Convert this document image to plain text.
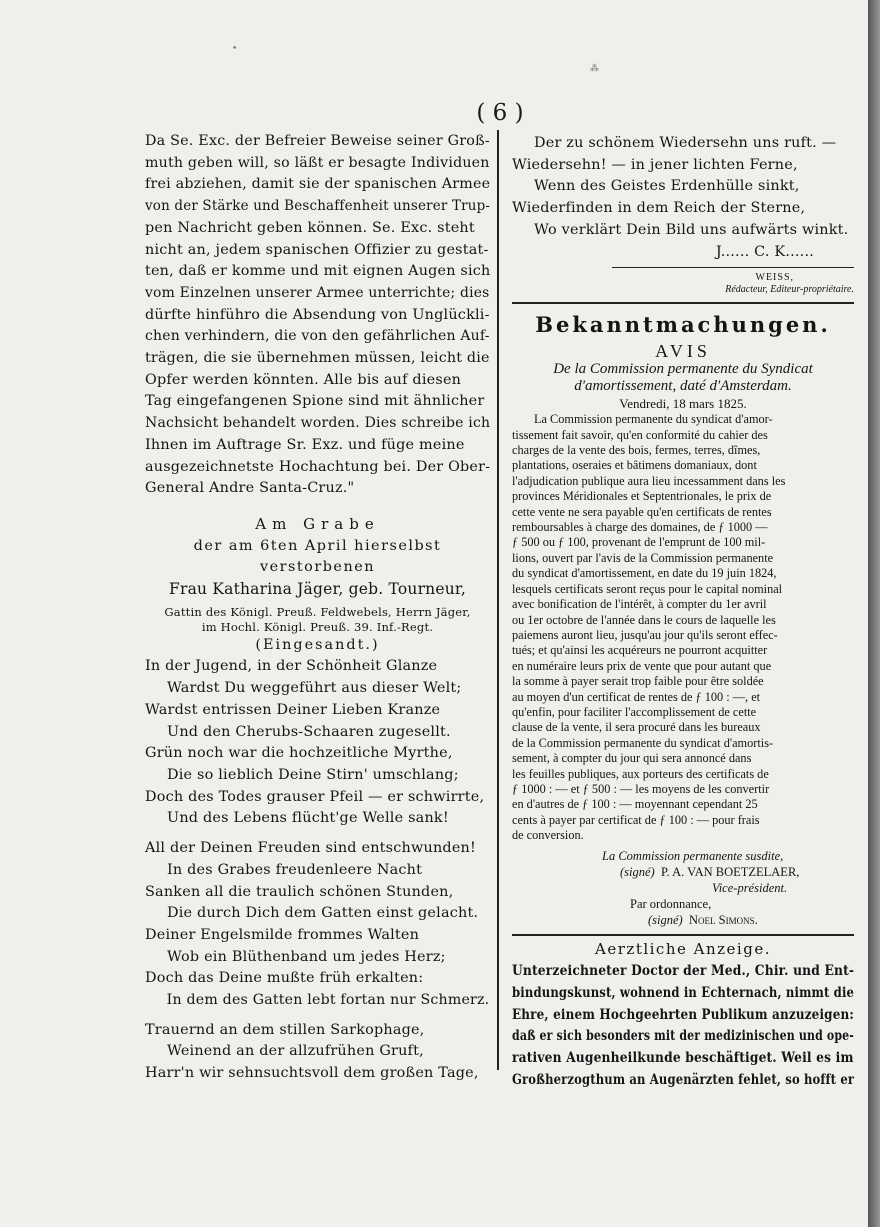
•
⁂
( 6 )
Da Se. Exc. der Befreier Beweise seiner Groß-
muth geben will, so läßt er besagte Individuen
frei abziehen, damit sie der spanischen Armee
von der Stärke und Beschaffenheit unserer Trup-
pen Nachricht geben können. Se. Exc. steht
nicht an, jedem spanischen Offizier zu gestat-
ten, daß er komme und mit eignen Augen sich
vom Einzelnen unserer Armee unterrichte; dies
dürfte hinführo die Absendung von Unglückli-
chen verhindern, die von den gefährlichen Auf-
trägen, die sie übernehmen müssen, leicht die
Opfer werden könnten. Alle bis auf diesen
Tag eingefangenen Spione sind mit ähnlicher
Nachsicht behandelt worden. Dies schreibe ich
Ihnen im Auftrage Sr. Exz. und füge meine
ausgezeichnetste Hochachtung bei. Der Ober-
General Andre Santa-Cruz."
Am Grabe
der am 6ten April hierselbst verstorbenen
Frau Katharina Jäger, geb. Tourneur,
Gattin des Königl. Preuß. Feldwebels, Herrn Jäger,
im Hochl. Königl. Preuß. 39. Inf.-Regt.
(Eingesandt.)
In der Jugend, in der Schönheit Glanze
Wardst Du weggeführt aus dieser Welt;
Wardst entrissen Deiner Lieben Kranze
Und den Cherubs-Schaaren zugesellt.
Grün noch war die hochzeitliche Myrthe,
Die so lieblich Deine Stirn' umschlang;
Doch des Todes grauser Pfeil — er schwirrte,
Und des Lebens flücht'ge Welle sank!
All der Deinen Freuden sind entschwunden!
In des Grabes freudenleere Nacht
Sanken all die traulich schönen Stunden,
Die durch Dich dem Gatten einst gelacht.
Deiner Engelsmilde frommes Walten
Wob ein Blüthenband um jedes Herz;
Doch das Deine mußte früh erkalten:
In dem des Gatten lebt fortan nur Schmerz.
Trauernd an dem stillen Sarkophage,
Weinend an der allzufrühen Gruft,
Harr'n wir sehnsuchtsvoll dem großen Tage,
Der zu schönem Wiedersehn uns ruft. —
Wiedersehn! — in jener lichten Ferne,
Wenn des Geistes Erdenhülle sinkt,
Wiederfinden in dem Reich der Sterne,
Wo verklärt Dein Bild uns aufwärts winkt.
J...... C. K......
WEISS,
Rédacteur, Editeur-propriétaire.
Bekanntmachungen.
AVIS
De la Commission permanente du Syndicat
d'amortissement, daté d'Amsterdam.
Vendredi, 18 mars 1825.
La Commission permanente du syndicat d'amor-
tissement fait savoir, qu'en conformité du cahier des
charges de la vente des bois, fermes, terres, dîmes,
plantations, oseraies et bâtimens domaniaux, dont
l'adjudication publique aura lieu incessamment dans les
provinces Méridionales et Septentrionales, le prix de
cette vente ne sera payable qu'en certificats de rentes
remboursables à charge des domaines, de ƒ 1000 —
ƒ 500 ou ƒ 100, provenant de l'emprunt de 100 mil-
lions, ouvert par l'avis de la Commission permanente
du syndicat d'amortissement, en date du 19 juin 1824,
lesquels certificats seront reçus pour le capital nominal
avec bonification de l'intérêt, à compter du 1er avril
ou 1er octobre de l'année dans le cours de laquelle les
paiemens auront lieu, jusqu'au jour qu'ils seront effec-
tués; et qu'ainsi les acquéreurs ne pourront acquitter
en numéraire leurs prix de vente que pour autant que
la somme à payer serait trop faible pour être soldée
au moyen d'un certificat de rentes de ƒ 100 : —, et
qu'enfin, pour faciliter l'accomplissement de cette
clause de la vente, il sera procuré dans les bureaux
de la Commission permanente du syndicat d'amortis-
sement, à compter du jour qui sera annoncé dans
les feuilles publiques, aux porteurs des certificats de
ƒ 1000 : — et ƒ 500 : — les moyens de les convertir
en d'autres de ƒ 100 : — moyennant cependant 25
cents à payer par certificat de ƒ 100 : — pour frais
de conversion.
La Commission permanente susdite,
(signé) P. A. VAN BOETZELAER,
Vice-président.
Par ordonnance,
(signé) Noel Simons.
Aerztliche Anzeige.
Unterzeichneter Doctor der Med., Chir. und Ent-
bindungskunst, wohnend in Echternach, nimmt die
Ehre, einem Hochgeehrten Publikum anzuzeigen:
daß er sich besonders mit der medizinischen und ope-
rativen Augenheilkunde beschäftiget. Weil es im
Großherzogthum an Augenärzten fehlet, so hofft er
